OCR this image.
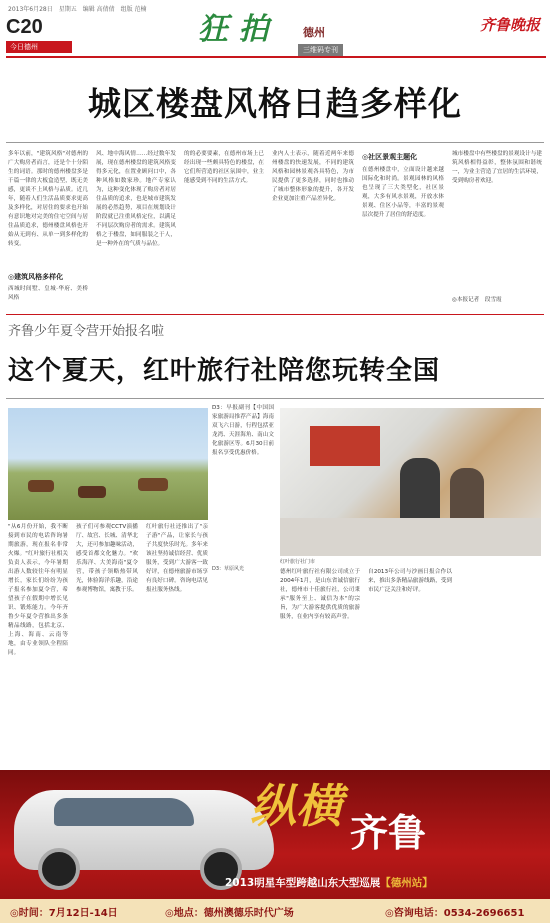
2013年6月28日　星期五　编辑 高倩倩　组版 范楠
C20
今日德州	狂 拍	德州
三维码专刊
齐鲁晚报
城区楼盘风格日趋多样化
多年以前，"建筑风格"对德州的广大购房者而言，还是个十分陌生的词语。那时的德州楼盘多是千篇一律的大板盒造型，既无美感，更谈不上风格与品质。近几年，随着人们生活品质要求更高及多样化，对居住的要求也开始有意识地对完美的住宅空间与居住品质追求，德州楼盘风格也开始从无到有、从单一到多样化的转变。
◎建筑风格多样化
西城时间墅、皇城·华府、美桥风格
风、地中海风情……经过数年发展，现在德州楼盘的建筑风格变得多元化，在置业顾问口中，各种风格如数家珍。地产专家认为，这种变化体现了购房者对居住品质的追求，也是城市建筑发展的必然趋势，项目在规划设计阶段就已注重风格定位，以满足不同层次购房者的需求。建筑风格之于楼盘，如同服装之于人，是一种外在的气质与品位。
的的必要要素，在德州市场上已经出现一些颇具特色的楼盘，在它们所营造的社区氛围中，业主能感受到不同的生活方式。
业内人士表示，随着近两年来德州楼盘的快速发展，不同的建筑风格和园林景观各具特色，为市民提供了更多选择，同时也推动了城市整体形象的提升，各开发企业更加注重产品差异化。
◎社区景观主题化
在德州楼盘中，立面设计越来越国际化和时尚。景观园林的风格也呈现了三大类型化，社区景观，大多有风水景观，开放水体景观、住区小品等，丰富的景观层次提升了居住的舒适度。
城市楼盘中有些楼盘的景观设计与建筑风格相得益彰，整体氛围和谐统一，为业主营造了宜居的生活环境，受到购房者欢迎。
◎本报记者　段雪霞
齐鲁少年夏令营开始报名啦
这个夏天，红叶旅行社陪您玩转全国
"从6月份开始，我不断接到市民的电话咨询暑期旅游，现在报名非常火爆。"红叶旅行社相关负责人表示，今年暑期出游人数较往年有明显增长，家长们纷纷为孩子报名参加夏令营，希望孩子在假期中增长见识、锻炼能力。今年齐鲁少年夏令营推出多条精品线路，包括北京、上海、海南、云南等地，由专业领队全程陪同。
孩子们可参观CCTV演播厅、故宫、长城、清华北大，还可参加趣味活动，感受首都文化魅力。"欢乐海洋、大美海南"夏令营，带孩子领略热带风光，体验海洋乐趣，沿途参观博物馆，寓教于乐。
红叶旅行社还推出了"亲子游"产品，让家长与孩子共度快乐时光。多年来该社坚持诚信经营、优质服务，受到广大游客一致好评，在德州旅游市场享有良好口碑。咨询电话见报社服务热线。
D3：早报副刊【中国国家旅游局推荐产品】海南双飞六日游，行程包括亚龙湾、天涯海角、南山文化旅游区等。6月30日前报名享受优惠价格。
红叶旅行社门市
德州红叶旅行社有限公司成立于2004年1月，是山东省诚信旅行社，德州市十佳旅行社，公司秉承"服务至上、诚信为本"的宗旨，为广大游客提供优质的旅游服务，在业内享有较高声誉。
自2013年公司与沙画日报合作以来，推出多条精品旅游线路，受到市民广泛关注和好评。
D3：草原风光
纵横 齐鲁
2013明星车型跨越山东大型巡展【德州站】
◎时间：7月12日-14日	◎地点：德州澳德乐时代广场	◎咨询电话：0534-2696651
